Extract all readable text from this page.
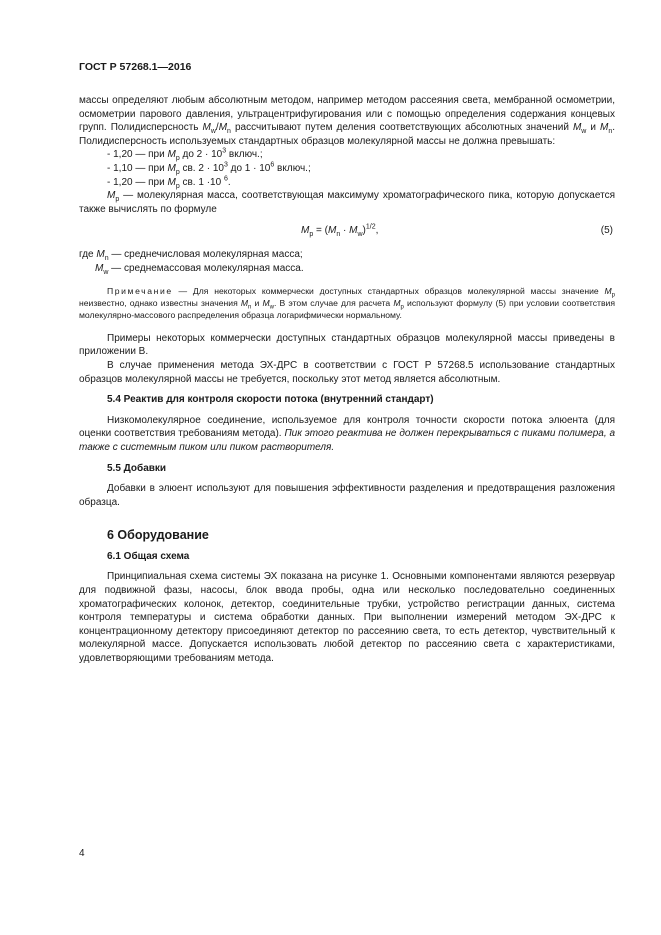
ГОСТ Р 57268.1—2016

массы определяют любым абсолютным методом, например методом рассеяния света, мембранной осмометрии, осмометрии парового давления, ультрацентрифугирования или с помощью определения содержания концевых групп. Полидисперсность $M_w/M_n$ рассчитывают путем деления соответствующих абсолютных значений $M_w$ и $M_n$. Полидисперсность используемых стандартных образцов молекулярной массы не должна превышать:

- 1,20 — при $M_p$ до $2 \cdot 10^3$ включ.;

- 1,10 — при $M_p$ св. $2 \cdot 10^3$ до $1 \cdot 10^6$ включ.;

- 1,20 — при $M_p$ св. 1 ·10 $^6$.

$M_p$ — молекулярная масса, соответствующая максимуму хроматографического пика, которую допускается также вычислять по формуле

$M_p = (M_n \cdot M_w)^{1/2}$,	(5)

где $M_n$ — среднечисловая молекулярная масса;

$M_w$ — среднемассовая молекулярная масса.

Примечание — Для некоторых коммерчески доступных стандартных образцов молекулярной массы значение $M_p$ неизвестно, однако известны значения $M_n$ и $M_w$. В этом случае для расчета $M_p$ используют формулу (5) при условии соответствия молекулярно-массового распределения образца логарифмически нормальному.

Примеры некоторых коммерчески доступных стандартных образцов молекулярной массы приведены в приложении В.

В случае применения метода ЭХ-ДРС в соответствии с ГОСТ Р 57268.5 использование стандартных образцов молекулярной массы не требуется, поскольку этот метод является абсолютным.

5.4 Реактив для контроля скорости потока (внутренний стандарт)

Низкомолекулярное соединение, используемое для контроля точности скорости потока элюента (для оценки соответствия требованиям метода). Пик этого реактива не должен перекрываться с пиками полимера, а также с системным пиком или пиком растворителя.

5.5 Добавки

Добавки в элюент используют для повышения эффективности разделения и предотвращения разложения образца.

6 Оборудование
6.1 Общая схема

Принципиальная схема системы ЭХ показана на рисунке 1. Основными компонентами являются резервуар для подвижной фазы, насосы, блок ввода пробы, одна или несколько последовательно соединенных хроматографических колонок, детектор, соединительные трубки, устройство регистрации данных, система контроля температуры и система обработки данных. При выполнении измерений методом ЭХ-ДРС к концентрационному детектору присоединяют детектор по рассеянию света, то есть детектор, чувствительный к молекулярной массе. Допускается использовать любой детектор по рассеянию света с характеристиками, удовлетворяющими требованиям метода.

4
